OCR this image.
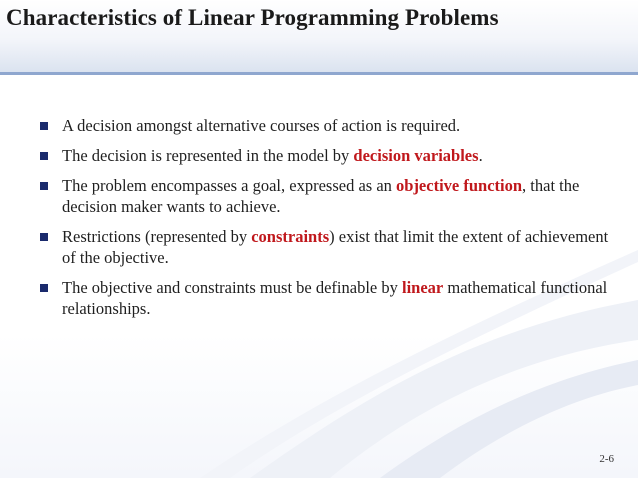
Characteristics of Linear Programming Problems
A decision amongst alternative courses of action is required.
The decision is represented in the model by decision variables.
The problem encompasses a goal, expressed as an objective function, that the decision maker wants to achieve.
Restrictions (represented by constraints) exist that limit the extent of achievement of the objective.
The objective and constraints must be definable by linear mathematical functional relationships.
2-6
